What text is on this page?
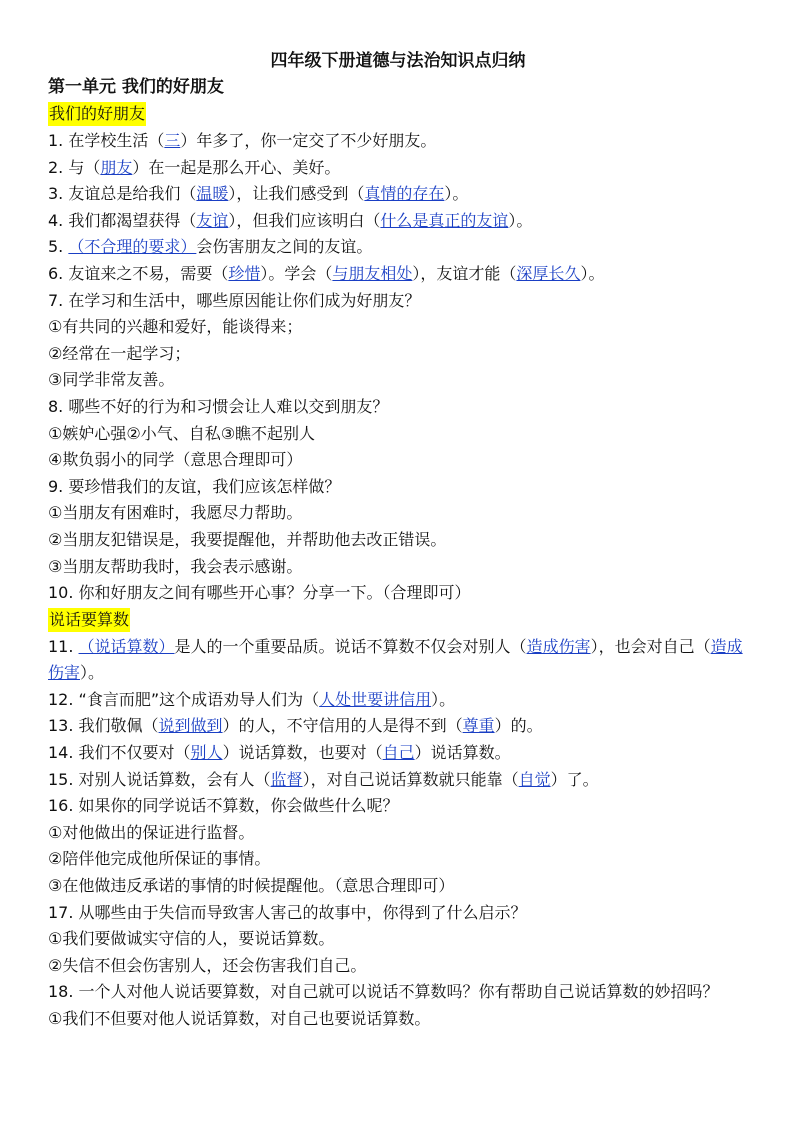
四年级下册道德与法治知识点归纳
第一单元 我们的好朋友
我们的好朋友
1. 在学校生活（三）年多了，你一定交了不少好朋友。
2. 与（朋友）在一起是那么开心、美好。
3. 友谊总是给我们（温暖），让我们感受到（真情的存在）。
4. 我们都渴望获得（友谊），但我们应该明白（什么是真正的友谊）。
5. （不合理的要求）会伤害朋友之间的友谊。
6. 友谊来之不易，需要（珍惜）。学会（与朋友相处），友谊才能（深厚长久）。
7. 在学习和生活中，哪些原因能让你们成为好朋友？
①有共同的兴趣和爱好，能谈得来；
②经常在一起学习；
③同学非常友善。
8. 哪些不好的行为和习惯会让人难以交到朋友？
①嫉妒心强②小气、自私③瞧不起别人
④欺负弱小的同学（意思合理即可）
9. 要珍惜我们的友谊，我们应该怎样做？
①当朋友有困难时，我愿尽力帮助。
②当朋友犯错误是，我要提醒他，并帮助他去改正错误。
③当朋友帮助我时，我会表示感谢。
10. 你和好朋友之间有哪些开心事？分享一下。（合理即可）
说话要算数
11. （说话算数）是人的一个重要品质。说话不算数不仅会对别人（造成伤害），也会对自己（造成伤害）。
12. “食言而肥”这个成语劝导人们为（人处世要讲信用）。
13. 我们敬佩（说到做到）的人，不守信用的人是得不到（尊重）的。
14. 我们不仅要对（别人）说话算数，也要对（自己）说话算数。
15. 对别人说话算数，会有人（监督），对自己说话算数就只能靠（自觉）了。
16. 如果你的同学说话不算数，你会做些什么呢？
①对他做出的保证进行监督。
②陪伴他完成他所保证的事情。
③在他做违反承诺的事情的时候提醒他。（意思合理即可）
17. 从哪些由于失信而导致害人害己的故事中，你得到了什么启示？
①我们要做诚实守信的人，要说话算数。
②失信不但会伤害别人，还会伤害我们自己。
18. 一个人对他人说话要算数，对自己就可以说话不算数吗？你有帮助自己说话算数的妙招吗？
①我们不但要对他人说话算数，对自己也要说话算数。
